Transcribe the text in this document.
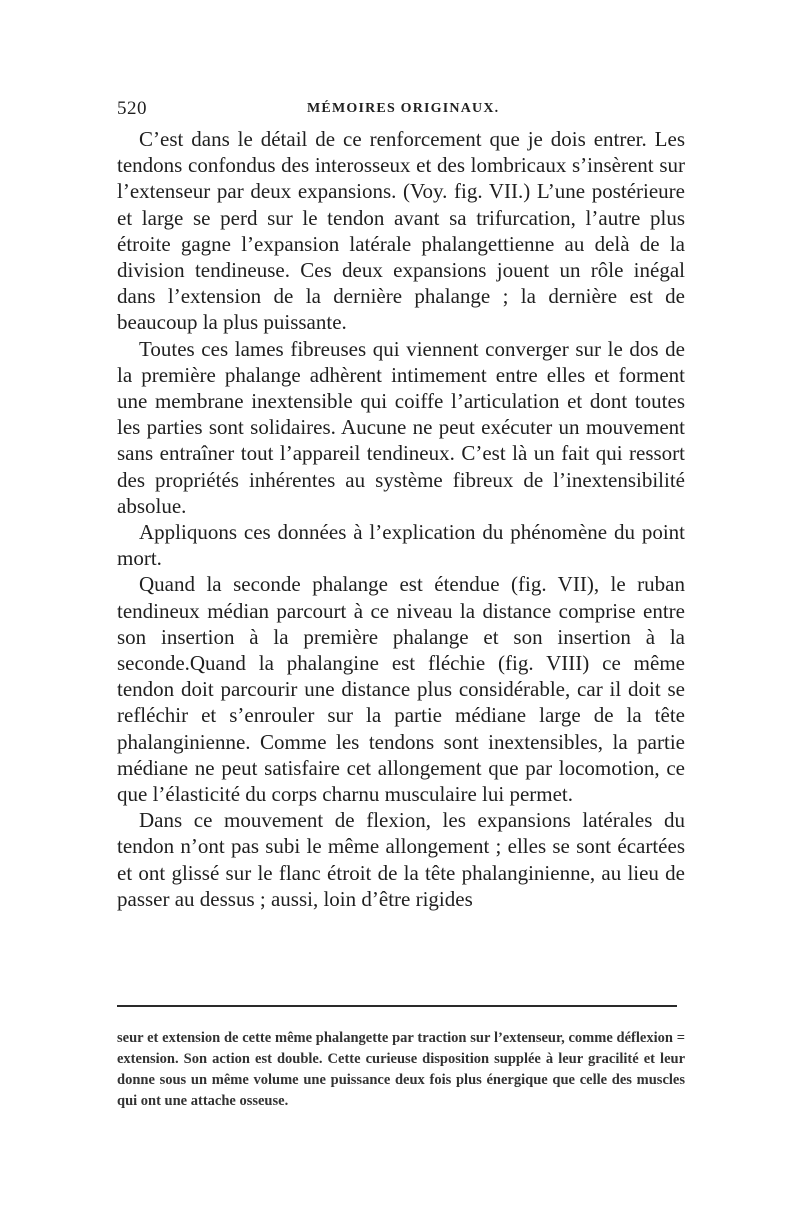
520	MÉMOIRES ORIGINAUX.

C’est dans le détail de ce renforcement que je dois entrer. Les tendons confondus des interosseux et des lombricaux s’insèrent sur l’extenseur par deux expansions. (Voy. fig. VII.) L’une postérieure et large se perd sur le tendon avant sa trifurcation, l’autre plus étroite gagne l’expansion latérale phalangettienne au delà de la division tendineuse. Ces deux expansions jouent un rôle inégal dans l’extension de la dernière phalange ; la dernière est de beaucoup la plus puissante.

Toutes ces lames fibreuses qui viennent converger sur le dos de la première phalange adhèrent intimement entre elles et forment une membrane inextensible qui coiffe l’articulation et dont toutes les parties sont solidaires. Aucune ne peut exécuter un mouvement sans entraîner tout l’appareil tendineux. C’est là un fait qui ressort des propriétés inhérentes au système fibreux de l’inextensibilité absolue.

Appliquons ces données à l’explication du phénomène du point mort.

Quand la seconde phalange est étendue (fig. VII), le ruban tendineux médian parcourt à ce niveau la distance comprise entre son insertion à la première phalange et son insertion à la seconde.Quand la phalangine est fléchie (fig. VIII) ce même tendon doit parcourir une distance plus considérable, car il doit se refléchir et s’enrouler sur la partie médiane large de la tête phalanginienne. Comme les tendons sont inextensibles, la partie médiane ne peut satisfaire cet allongement que par locomotion, ce que l’élasticité du corps charnu musculaire lui permet.

Dans ce mouvement de flexion, les expansions latérales du tendon n’ont pas subi le même allongement ; elles se sont écartées et ont glissé sur le flanc étroit de la tête phalanginienne, au lieu de passer au dessus ; aussi, loin d’être rigides

seur et extension de cette même phalangette par traction sur l’extenseur, comme déflexion = extension. Son action est double. Cette curieuse disposition supplée à leur gracilité et leur donne sous un même volume une puissance deux fois plus énergique que celle des muscles qui ont une attache osseuse.
